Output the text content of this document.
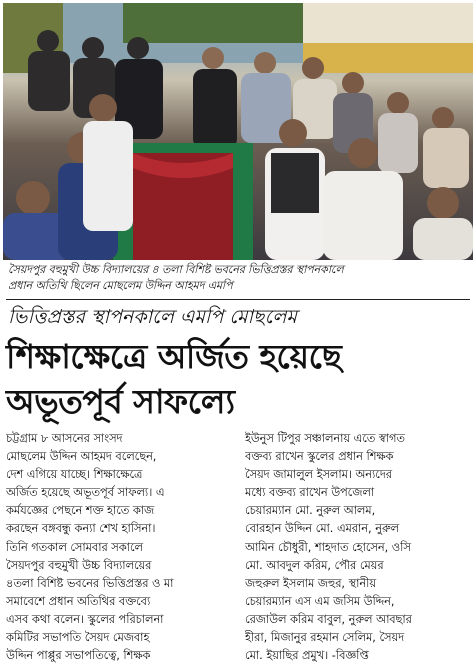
সৈয়দপুর বহুমুখী উচ্চ বিদ্যালয়ের ৪ তলা বিশিষ্ট ভবনের ভিত্তিপ্রস্তর স্থাপনকালে
প্রধান অতিথি ছিলেন মোছলেম উদ্দিন আহমদ এমপি
ভিত্তিপ্রস্তর স্থাপনকালে এমপি মোছলেম
শিক্ষাক্ষেত্রে অর্জিত হয়েছে
অভূতপূর্ব সাফল্যে
চট্টগ্রাম ৮ আসনের সাংসদ
মোছলেম উদ্দিন আহমদ বলেছেন,
দেশ এগিয়ে যাচ্ছে। শিক্ষাক্ষেত্রে
অর্জিত হয়েছে অভূতপূর্ব সাফল্য। এ
কর্মযজ্ঞের পেছনে শক্ত হাতে কাজ
করছেন বঙ্গবন্ধু কন্যা শেখ হাসিনা।
তিনি গতকাল সোমবার সকালে
সৈয়দপুর বহুমুখী উচ্চ বিদ্যালয়ের
৪তলা বিশিষ্ট ভবনের ভিত্তিপ্রস্তর ও মা
সমাবেশে প্রধান অতিথির বক্তব্যে
এসব কথা বলেন। স্কুলের পরিচালনা
কমিটির সভাপতি সৈয়দ মেজবাহ
উদ্দিন পাপ্পুর সভাপতিত্বে, শিক্ষক
ইউনুস টিপুর সঞ্চালনায় এতে স্বাগত
বক্তব্য রাখেন স্কুলের প্রধান শিক্ষক
সৈয়দ জামালুল ইসলাম। অন্যদের
মধ্যে বক্তব্য রাখেন উপজেলা
চেয়ারম্যান মো. নুরুল আলম,
বোরহান উদ্দিন মো. এমরান, নুরুল
আমিন চৌধুরী, শাহদাত হোসেন, ওসি
মো. আবদুল করিম, পৌর মেয়র
জহুরুল ইসলাম জহুর, স্থানীয়
চেয়ারম্যান এস এম জসিম উদ্দিন,
রেজাউল করিম বাবুল, নুরুল আবছার
হীরা, মিজানুর রহমান সেলিম, সৈয়দ
মো. ইয়াছির প্রমুখ। -বিজ্ঞপ্তি
